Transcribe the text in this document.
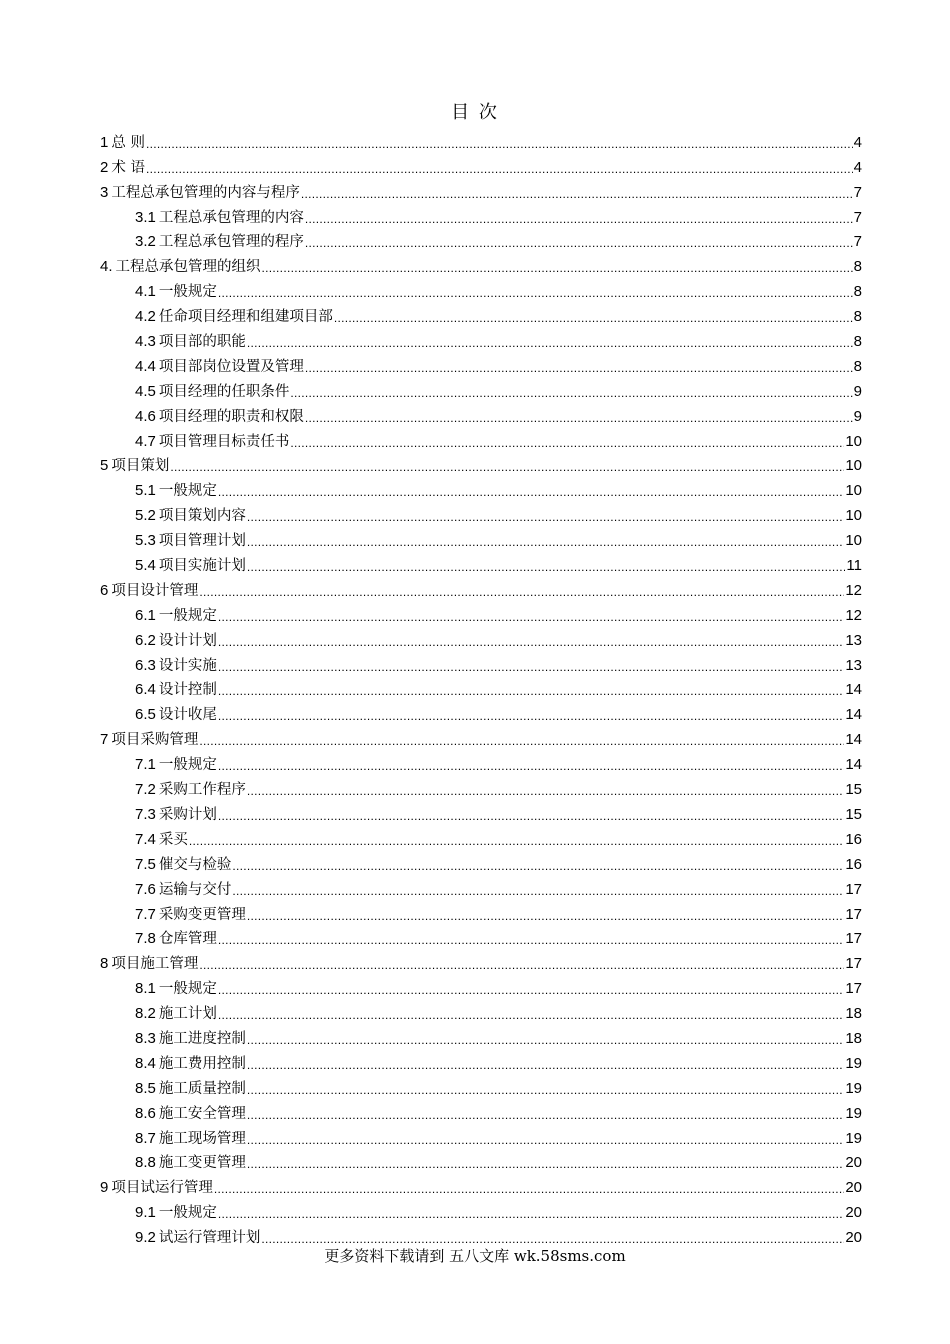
目 次
1 总 则 .....	4
2 术 语 .....	4
3 工程总承包管理的内容与程序 .....	7
3.1 工程总承包管理的内容 .....	7
3.2 工程总承包管理的程序 .....	7
4. 工程总承包管理的组织 .....	8
4.1 一般规定 .....	8
4.2 任命项目经理和组建项目部 .....	8
4.3 项目部的职能 .....	8
4.4 项目部岗位设置及管理 .....	8
4.5 项目经理的任职条件 .....	9
4.6 项目经理的职责和权限 .....	9
4.7 项目管理目标责任书 .....	10
5 项目策划 .....	10
5.1 一般规定 .....	10
5.2 项目策划内容 .....	10
5.3 项目管理计划 .....	10
5.4 项目实施计划 .....	11
6 项目设计管理 .....	12
6.1 一般规定 .....	12
6.2 设计计划 .....	13
6.3 设计实施 .....	13
6.4 设计控制 .....	14
6.5 设计收尾 .....	14
7 项目采购管理 .....	14
7.1 一般规定 .....	14
7.2 采购工作程序 .....	15
7.3 采购计划 .....	15
7.4 采买 .....	16
7.5 催交与检验 .....	16
7.6 运输与交付 .....	17
7.7 采购变更管理 .....	17
7.8 仓库管理 .....	17
8 项目施工管理 .....	17
8.1 一般规定 .....	17
8.2 施工计划 .....	18
8.3 施工进度控制 .....	18
8.4 施工费用控制 .....	19
8.5 施工质量控制 .....	19
8.6 施工安全管理 .....	19
8.7 施工现场管理 .....	19
8.8 施工变更管理 .....	20
9 项目试运行管理 .....	20
9.1 一般规定 .....	20
9.2 试运行管理计划 .....	20
更多资料下载请到 五八文库 wk.58sms.com
